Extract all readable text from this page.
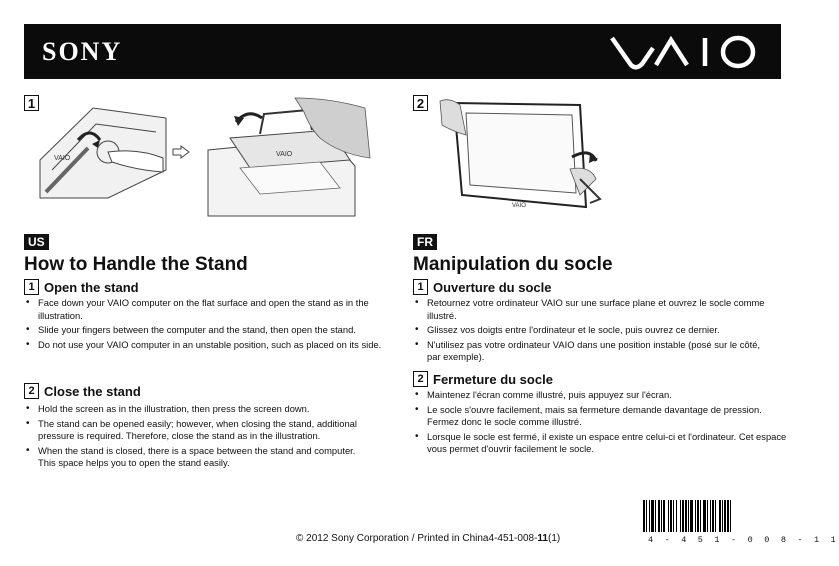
SONY
1	2
VAIO
VAIO
VAIO
US
How to Handle the Stand
1 Open the stand
• Face down your VAIO computer on the flat surface and open the stand as in the illustration.
• Slide your fingers between the computer and the stand, then open the stand.
• Do not use your VAIO computer in an unstable position, such as placed on its side.
2 Close the stand
• Hold the screen as in the illustration, then press the screen down.
• The stand can be opened easily; however, when closing the stand, additional pressure is required. Therefore, close the stand as in the illustration.
• When the stand is closed, there is a space between the stand and computer. This space helps you to open the stand easily.
FR
Manipulation du socle
1 Ouverture du socle
• Retournez votre ordinateur VAIO sur une surface plane et ouvrez le socle comme illustré.
• Glissez vos doigts entre l'ordinateur et le socle, puis ouvrez ce dernier.
• N'utilisez pas votre ordinateur VAIO dans une position instable (posé sur le côté, par exemple).
2 Fermeture du socle
• Maintenez l'écran comme illustré, puis appuyez sur l'écran.
• Le socle s'ouvre facilement, mais sa fermeture demande davantage de pression. Fermez donc le socle comme illustré.
• Lorsque le socle est fermé, il existe un espace entre celui-ci et l'ordinateur. Cet espace vous permet d'ouvrir facilement le socle.
© 2012 Sony Corporation / Printed in China4-451-008-11(1)	4 - 4 5 1 - 0 0 8 - 1 1
